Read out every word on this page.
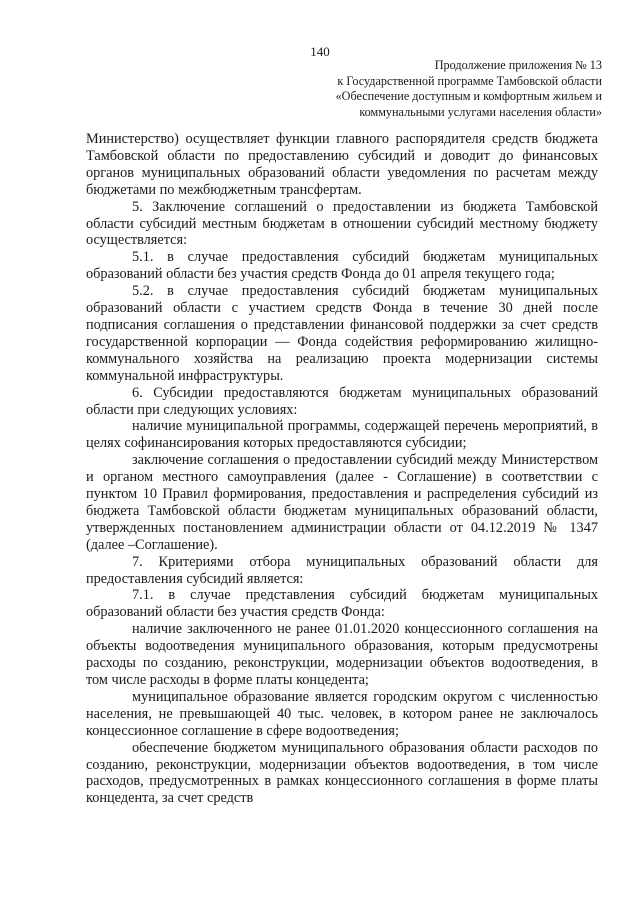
140
Продолжение приложения № 13
к Государственной программе Тамбовской области
«Обеспечение доступным и комфортным жильем и
коммунальными услугами населения области»

Министерство) осуществляет функции главного распорядителя средств бюджета Тамбовской области по предоставлению субсидий и доводит до финансовых органов муниципальных образований области уведомления по расчетам между бюджетами по межбюджетным трансфертам.

5. Заключение соглашений о предоставлении из бюджета Тамбовской области субсидий местным бюджетам в отношении субсидий местному бюджету осуществляется:

5.1. в случае предоставления субсидий бюджетам муниципальных образований области без участия средств Фонда до 01 апреля текущего года;

5.2. в случае предоставления субсидий бюджетам муниципальных образований области с участием средств Фонда в течение 30 дней после подписания соглашения о представлении финансовой поддержки за счет средств государственной корпорации — Фонда содействия реформированию жилищно-коммунального хозяйства на реализацию проекта модернизации системы коммунальной инфраструктуры.

6. Субсидии предоставляются бюджетам муниципальных образований области при следующих условиях:

наличие муниципальной программы, содержащей перечень мероприятий, в целях софинансирования которых предоставляются субсидии;

заключение соглашения о предоставлении субсидий между Министерством и органом местного самоуправления (далее - Соглашение) в соответствии с пунктом 10 Правил формирования, предоставления и распределения субсидий из бюджета Тамбовской области бюджетам муниципальных образований области, утвержденных постановлением администрации области от 04.12.2019 № 1347 (далее –Соглашение).

7. Критериями отбора муниципальных образований области для предоставления субсидий является:

7.1. в случае представления субсидий бюджетам муниципальных образований области без участия средств Фонда:

наличие заключенного не ранее 01.01.2020 концессионного соглашения на объекты водоотведения муниципального образования, которым предусмотрены расходы по созданию, реконструкции, модернизации объектов водоотведения, в том числе расходы в форме платы концедента;

муниципальное образование является городским округом с численностью населения, не превышающей 40 тыс. человек, в котором ранее не заключалось концессионное соглашение в сфере водоотведения;

обеспечение бюджетом муниципального образования области расходов по созданию, реконструкции, модернизации объектов водоотведения, в том числе расходов, предусмотренных в рамках концессионного соглашения в форме платы концедента, за счет средств
